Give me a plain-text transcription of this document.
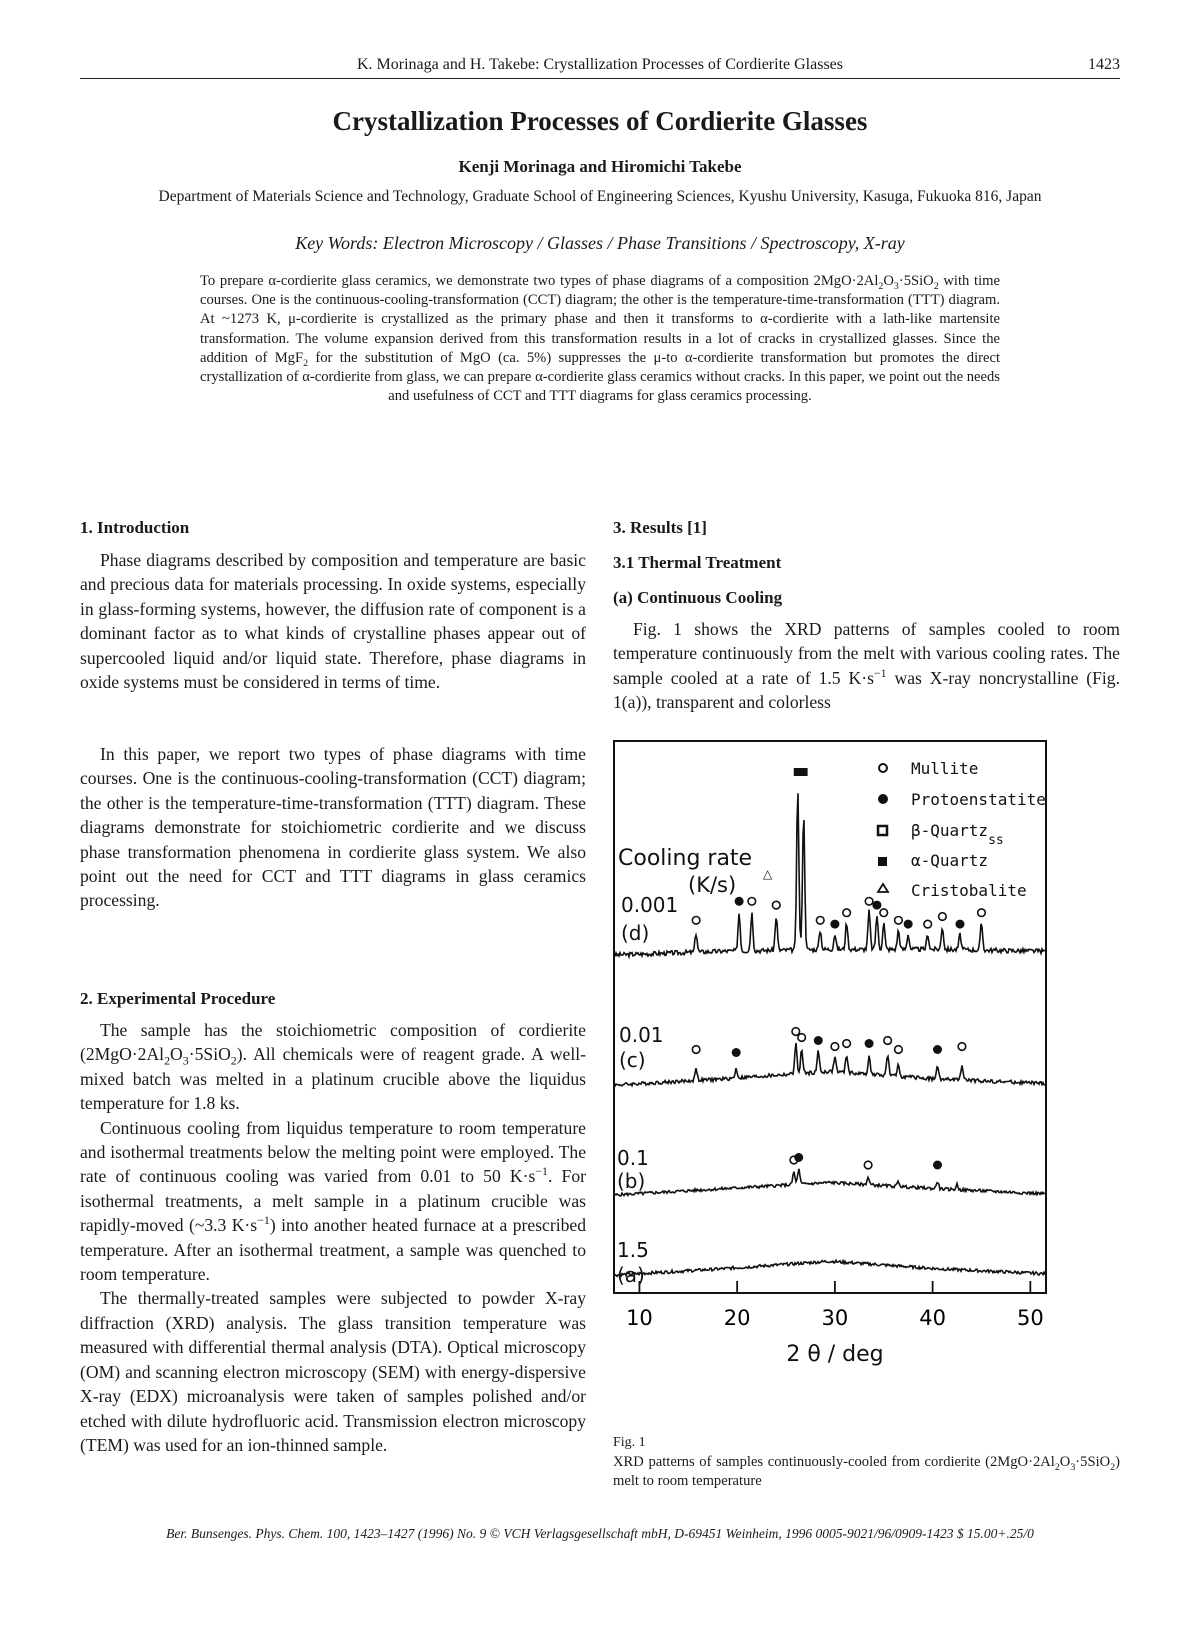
K. Morinaga and H. Takebe: Crystallization Processes of Cordierite Glasses	1423
Crystallization Processes of Cordierite Glasses
Kenji Morinaga and Hiromichi Takebe
Department of Materials Science and Technology, Graduate School of Engineering Sciences, Kyushu University, Kasuga, Fukuoka 816, Japan
Key Words: Electron Microscopy / Glasses / Phase Transitions / Spectroscopy, X-ray
To prepare α-cordierite glass ceramics, we demonstrate two types of phase diagrams of a composition $2MgO\cdot 2Al_2O_3\cdot 5SiO_2$ with time courses. One is the continuous-cooling-transformation (CCT) diagram; the other is the temperature-time-transformation (TTT) diagram. At ~1273 K, μ-cordierite is crystallized as the primary phase and then it transforms to α-cordierite with a lath-like martensite transformation. The volume expansion derived from this transformation results in a lot of cracks in crystallized glasses. Since the addition of MgF$_2$ for the substitution of MgO (ca. 5%) suppresses the μ-to α-cordierite transformation but promotes the direct crystallization of α-cordierite from glass, we can prepare α-cordierite glass ceramics without cracks. In this paper, we point out the needs and usefulness of CCT and TTT diagrams for glass ceramics processing.
1. Introduction

Phase diagrams described by composition and temperature are basic and precious data for materials processing. In oxide systems, especially in glass-forming systems, however, the diffusion rate of component is a dominant factor as to what kinds of crystalline phases appear out of supercooled liquid and/or liquid state. Therefore, phase diagrams in oxide systems must be considered in terms of time.

In this paper, we report two types of phase diagrams with time courses. One is the continuous-cooling-transformation (CCT) diagram; the other is the temperature-time-transformation (TTT) diagram. These diagrams demonstrate for stoichiometric cordierite and we discuss phase transformation phenomena in cordierite glass system. We also point out the need for CCT and TTT diagrams in glass ceramics processing.

2. Experimental Procedure

The sample has the stoichiometric composition of cordierite $(2MgO\cdot 2Al_2O_3\cdot 5SiO_2)$. All chemicals were of reagent grade. A well-mixed batch was melted in a platinum crucible above the liquidus temperature for 1.8 ks.

Continuous cooling from liquidus temperature to room temperature and isothermal treatments below the melting point were employed. The rate of continuous cooling was varied from 0.01 to 50 $K\cdot s^{-1}$. For isothermal treatments, a melt sample in a platinum crucible was rapidly-moved (~3.3 $K\cdot s^{-1}$) into another heated furnace at a prescribed temperature. After an isothermal treatment, a sample was quenched to room temperature.

The thermally-treated samples were subjected to powder X-ray diffraction (XRD) analysis. The glass transition temperature was measured with differential thermal analysis (DTA). Optical microscopy (OM) and scanning electron microscopy (SEM) with energy-dispersive X-ray (EDX) microanalysis were taken of samples polished and/or etched with dilute hydrofluoric acid. Transmission electron microscopy (TEM) was used for an ion-thinned sample.

3. Results [1]
3.1 Thermal Treatment
(a) Continuous Cooling

Fig. 1 shows the XRD patterns of samples cooled to room temperature continuously from the melt with various cooling rates. The sample cooled at a rate of 1.5 $K\cdot s^{-1}$ was X-ray noncrystalline (Fig. 1(a)), transparent and colorless

10	20	30	40	50
Mullite
Protoenstatite
β-Quartz$_{ss}$
α-Quartz
Cristobalite
Cooling rate
(K/s) △
0.001
(d)
0.01
(c)
0.1
(b)
1.5
(a)
2 θ / deg
Fig. 1
XRD patterns of samples continuously-cooled from cordierite $(2MgO\cdot 2Al_2O_3\cdot 5SiO_2)$ melt to room temperature
Ber. Bunsenges. Phys. Chem. 100, 1423–1427 (1996) No. 9 © VCH Verlagsgesellschaft mbH, D-69451 Weinheim, 1996 0005-9021/96/0909-1423 $ 15.00+.25/0
